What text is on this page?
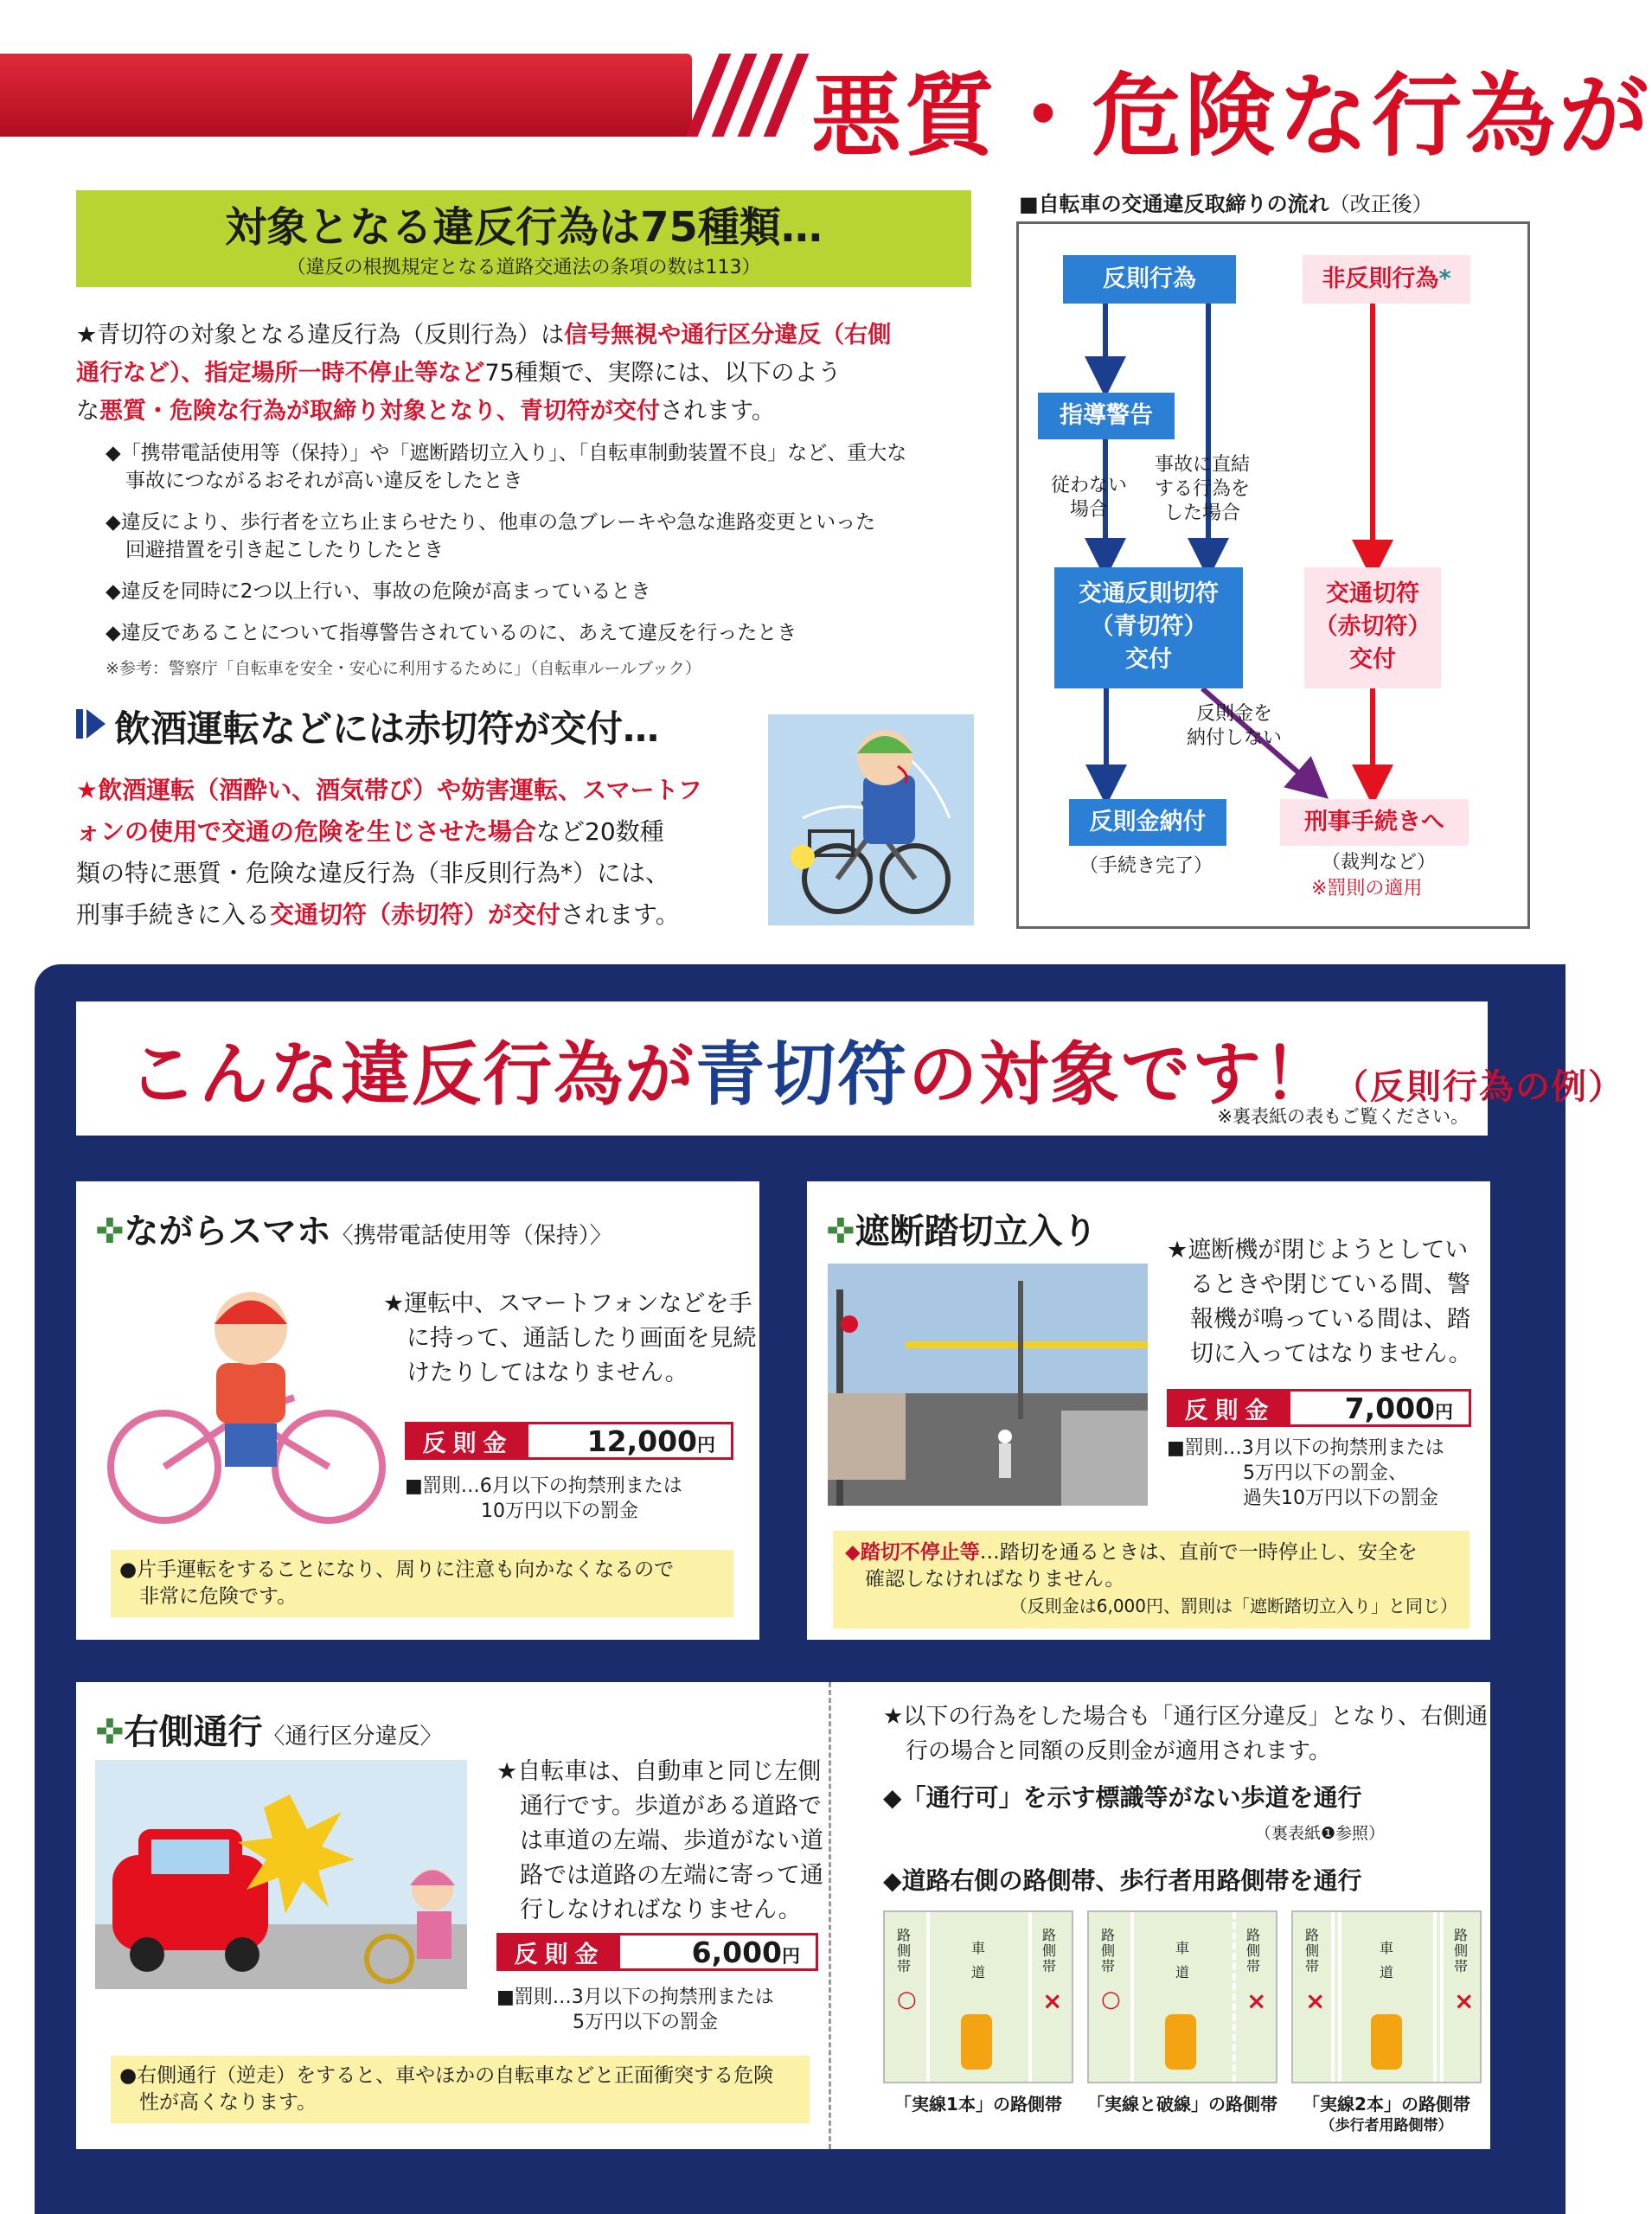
悪質・危険な行為が
対象となる違反行為は75種類…
（違反の根拠規定となる道路交通法の条項の数は113）
★青切符の対象となる違反行為（反則行為）は信号無視や通行区分違反（右側
通行など）、指定場所一時不停止等など75種類で、実際には、以下のよう
な悪質・危険な行為が取締り対象となり、青切符が交付されます。
◆「携帯電話使用等（保持）」や「遮断踏切立入り」、「自転車制動装置不良」など、重大な
　事故につながるおそれが高い違反をしたとき
◆違反により、歩行者を立ち止まらせたり、他車の急ブレーキや急な進路変更といった
　回避措置を引き起こしたりしたとき
◆違反を同時に2つ以上行い、事故の危険が高まっているとき
◆違反であることについて指導警告されているのに、あえて違反を行ったとき
※参考：警察庁「自転車を安全・安心に利用するために」（自転車ルールブック）
飲酒運転などには赤切符が交付…
★飲酒運転（酒酔い、酒気帯び）や妨害運転、スマートフ
ォンの使用で交通の危険を生じさせた場合など20数種
類の特に悪質・危険な違反行為（非反則行為*）には、
刑事手続きに入る交通切符（赤切符）が交付されます。
■自転車の交通違反取締りの流れ（改正後）
反則行為	非反則行為*
指導警告
従わない
場合
事故に直結
する行為を
した場合
交通反則切符
（青切符）
交付
交通切符
（赤切符）
交付
反則金を
納付しない
反則金納付
（手続き完了）
刑事手続きへ
（裁判など）
※罰則の適用
こんな違反行為が青切符の対象です！（反則行為の例）
※裏表紙の表もご覧ください。
✜ながらスマホ〈携帯電話使用等（保持）〉
★運転中、スマートフォンなどを手
　に持って、通話したり画面を見続
　けたりしてはなりません。
反則金	12,000円
■罰則…6月以下の拘禁刑または
　　　　10万円以下の罰金
●片手運転をすることになり、周りに注意も向かなくなるので
　非常に危険です。
✜遮断踏切立入り	★遮断機が閉じようとしてい
　るときや閉じている間、警
　報機が鳴っている間は、踏
　切に入ってはなりません。
反則金	7,000円
■罰則…3月以下の拘禁刑または
　　　　5万円以下の罰金、
　　　　過失10万円以下の罰金
◆踏切不停止等…踏切を通るときは、直前で一時停止し、安全を
　確認しなければなりません。
（反則金は6,000円、罰則は「遮断踏切立入り」と同じ）
✜右側通行〈通行区分違反〉
★自転車は、自動車と同じ左側
　通行です。歩道がある道路で
　は車道の左端、歩道がない道
　路では道路の左端に寄って通
　行しなければなりません。
反則金	6,000円
■罰則…3月以下の拘禁刑または
　　　　5万円以下の罰金
●右側通行（逆走）をすると、車やほかの自転車などと正面衝突する危険
　性が高くなります。
★以下の行為をした場合も「通行区分違反」となり、右側通
　行の場合と同額の反則金が適用されます。
◆「通行可」を示す標識等がない歩道を通行
（裏表紙❶参照）
◆道路右側の路側帯、歩行者用路側帯を通行
路
側
帯
車
道
路
側
帯
○	×
路
側
帯
車
道
路
側
帯
○	×
路
側
帯
車
道
路
側
帯
×	×
「実線1本」の路側帯	「実線と破線」の路側帯	「実線2本」の路側帯
（歩行者用路側帯）
